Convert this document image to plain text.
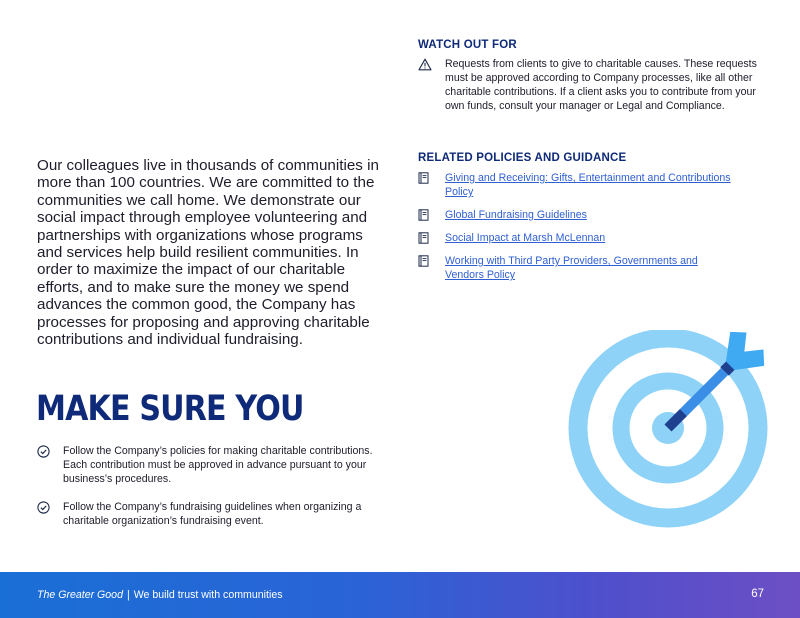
Our colleagues live in thousands of communities in more than 100 countries. We are committed to the communities we call home. We demonstrate our social impact through employee volunteering and partnerships with organizations whose programs and services help build resilient communities. In order to maximize the impact of our charitable efforts, and to make sure the money we spend advances the common good, the Company has processes for proposing and approving charitable contributions and individual fundraising.

MAKE SURE YOU
Follow the Company’s policies for making charitable contributions. Each contribution must be approved in advance pursuant to your business’s procedures.
Follow the Company’s fundraising guidelines when organizing a charitable organization’s fundraising event.
WATCH OUT FOR
Requests from clients to give to charitable causes. These requests must be approved according to Company processes, like all other charitable contributions. If a client asks you to contribute from your own funds, consult your manager or Legal and Compliance.
RELATED POLICIES AND GUIDANCE
Giving and Receiving: Gifts, Entertainment and Contributions Policy
Global Fundraising Guidelines
Social Impact at Marsh McLennan
Working with Third Party Providers, Governments and Vendors Policy
The Greater Good | We build trust with communities	67
